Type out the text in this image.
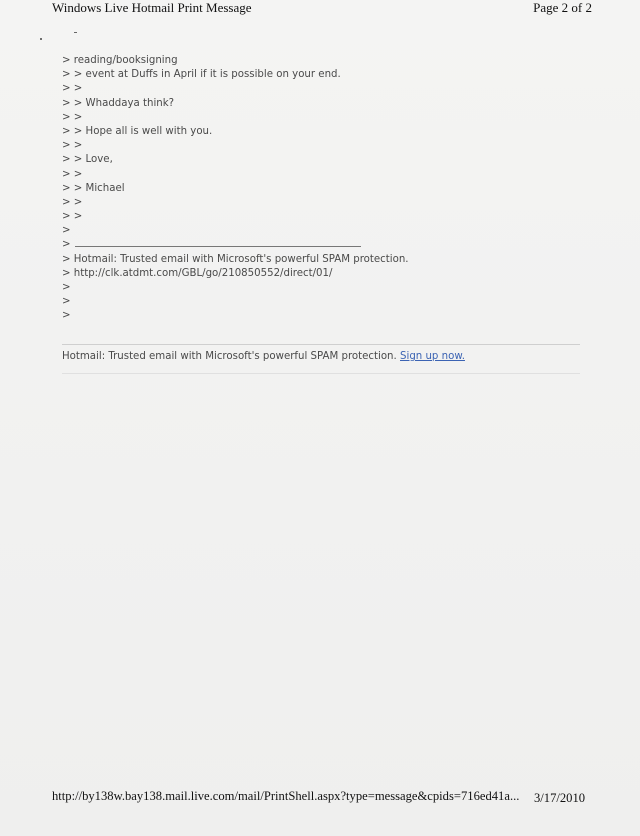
Windows Live Hotmail Print Message	Page 2 of 2
> reading/booksigning
> > event at Duffs in April if it is possible on your end.
> >
> > Whaddaya think?
> >
> > Hope all is well with you.
> >
> > Love,
> >
> > Michael
> >
> >
>
>
> Hotmail: Trusted email with Microsoft's powerful SPAM protection.
> http://clk.atdmt.com/GBL/go/210850552/direct/01/
>
>
>
Hotmail: Trusted email with Microsoft's powerful SPAM protection. Sign up now.
http://by138w.bay138.mail.live.com/mail/PrintShell.aspx?type=message&cpids=716ed41a... 3/17/2010
